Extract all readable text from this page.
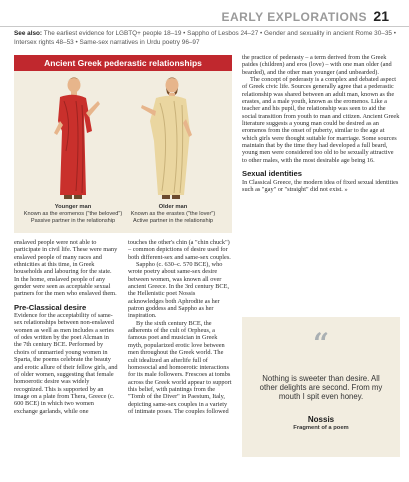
EARLY EXPLORATIONS 21
See also: The earliest evidence for LGBTQ+ people 18–19 • Sappho of Lesbos 24–27 • Gender and sexuality in ancient Rome 30–35 • Intersex rights 48–53 • Same-sex narratives in Urdu poetry 96–97
Ancient Greek pederastic relationships
Younger man
Known as the eromenos ("the beloved")
Passive partner in the relationship
Older man
Known as the erastes ("the lover")
Active partner in the relationship

enslaved people were not able to participate in civil life. These were many enslaved people of many races and ethnicities at this time, in Greek households and labouring for the state. In the home, enslaved people of any gender were seen as acceptable sexual partners for the men who enslaved them.

Pre-Classical desire

Evidence for the acceptability of same-sex relationships between non-enslaved women as well as men includes a series of odes written by the poet Alcman in the 7th century BCE. Performed by choirs of unmarried young women in Sparta, the poems celebrate the beauty and erotic allure of their fellow girls, and of older women, suggesting that female homoerotic desire was widely recognized. This is supported by an image on a plate from Thera, Greece (c. 600 BCE) in which two women exchange garlands, while one

touches the other's chin (a "chin chuck") – common depictions of desire used for both different-sex and same-sex couples.

Sappho (c. 630–c. 570 BCE), who wrote poetry about same-sex desire between women, was known all over ancient Greece. In the 3rd century BCE, the Hellenistic poet Nossis acknowledges both Aphrodite as her patron goddess and Sappho as her inspiration.

By the sixth century BCE, the adherents of the cult of Orpheus, a famous poet and musician in Greek myth, popularized erotic love between men throughout the Greek world. The cult idealized an afterlife full of homosocial and homoerotic interactions for its male followers. Frescoes at tombs across the Greek world appear to support this belief, with paintings from the "Tomb of the Diver" in Paestum, Italy, depicting same-sex couples in a variety of intimate poses. The couples followed

the practice of pederasty – a term derived from the Greek paides (children) and eros (love) – with one man older (and bearded), and the other man younger (and unbearded).

The concept of pederasty is a complex and debated aspect of Greek civic life. Sources generally agree that a pederastic relationship was shared between an adult man, known as the erastes, and a male youth, known as the eromenos. Like a teacher and his pupil, the relationship was seen to aid the social transition from youth to man and citizen. Ancient Greek literature suggests a young man could be desired as an eromenos from the onset of puberty, similar to the age at which girls were thought suitable for marriage. Some sources maintain that by the time they had developed a full beard, young men were considered too old to be sexually attractive to other males, with the most desirable age being 16.

Sexual identities

In Classical Greece, the modern idea of fixed sexual identities such as "gay" or "straight" did not exist. »

“
Nothing is sweeter than desire. All other delights are second. From my mouth I spit even honey.
Nossis
Fragment of a poem
